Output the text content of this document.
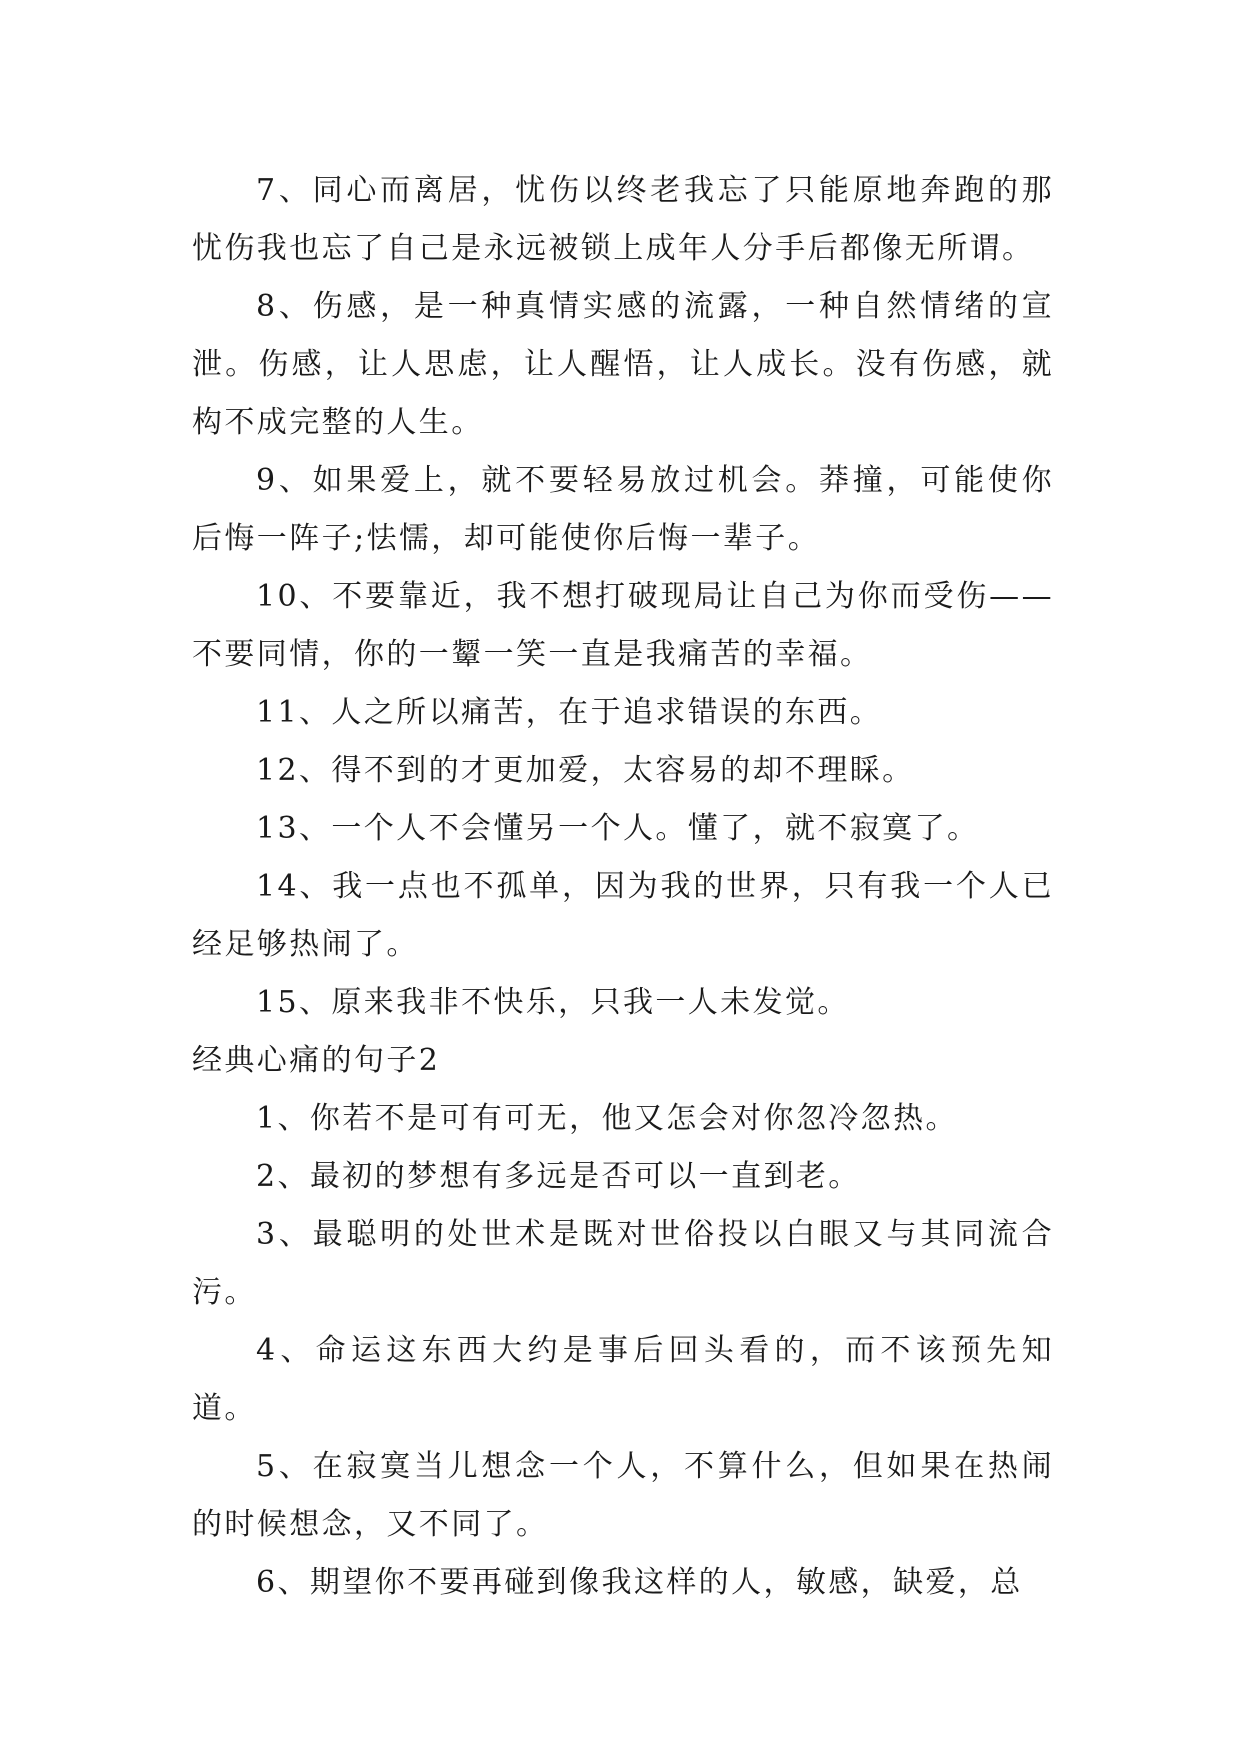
7、同心而离居，忧伤以终老我忘了只能原地奔跑的那忧伤我也忘了自己是永远被锁上成年人分手后都像无所谓。

8、伤感，是一种真情实感的流露，一种自然情绪的宣泄。伤感，让人思虑，让人醒悟，让人成长。没有伤感，就构不成完整的人生。

9、如果爱上，就不要轻易放过机会。莽撞，可能使你后悔一阵子;怯懦，却可能使你后悔一辈子。

10、不要靠近，我不想打破现局让自己为你而受伤——不要同情，你的一颦一笑一直是我痛苦的幸福。

11、人之所以痛苦，在于追求错误的东西。

12、得不到的才更加爱，太容易的却不理睬。

13、一个人不会懂另一个人。懂了，就不寂寞了。

14、我一点也不孤单，因为我的世界，只有我一个人已经足够热闹了。

15、原来我非不快乐，只我一人未发觉。

经典心痛的句子2

1、你若不是可有可无，他又怎会对你忽冷忽热。

2、最初的梦想有多远是否可以一直到老。

3、最聪明的处世术是既对世俗投以白眼又与其同流合污。

4、命运这东西大约是事后回头看的，而不该预先知道。

5、在寂寞当儿想念一个人，不算什么，但如果在热闹的时候想念，又不同了。

6、期望你不要再碰到像我这样的人，敏感，缺爱，总
